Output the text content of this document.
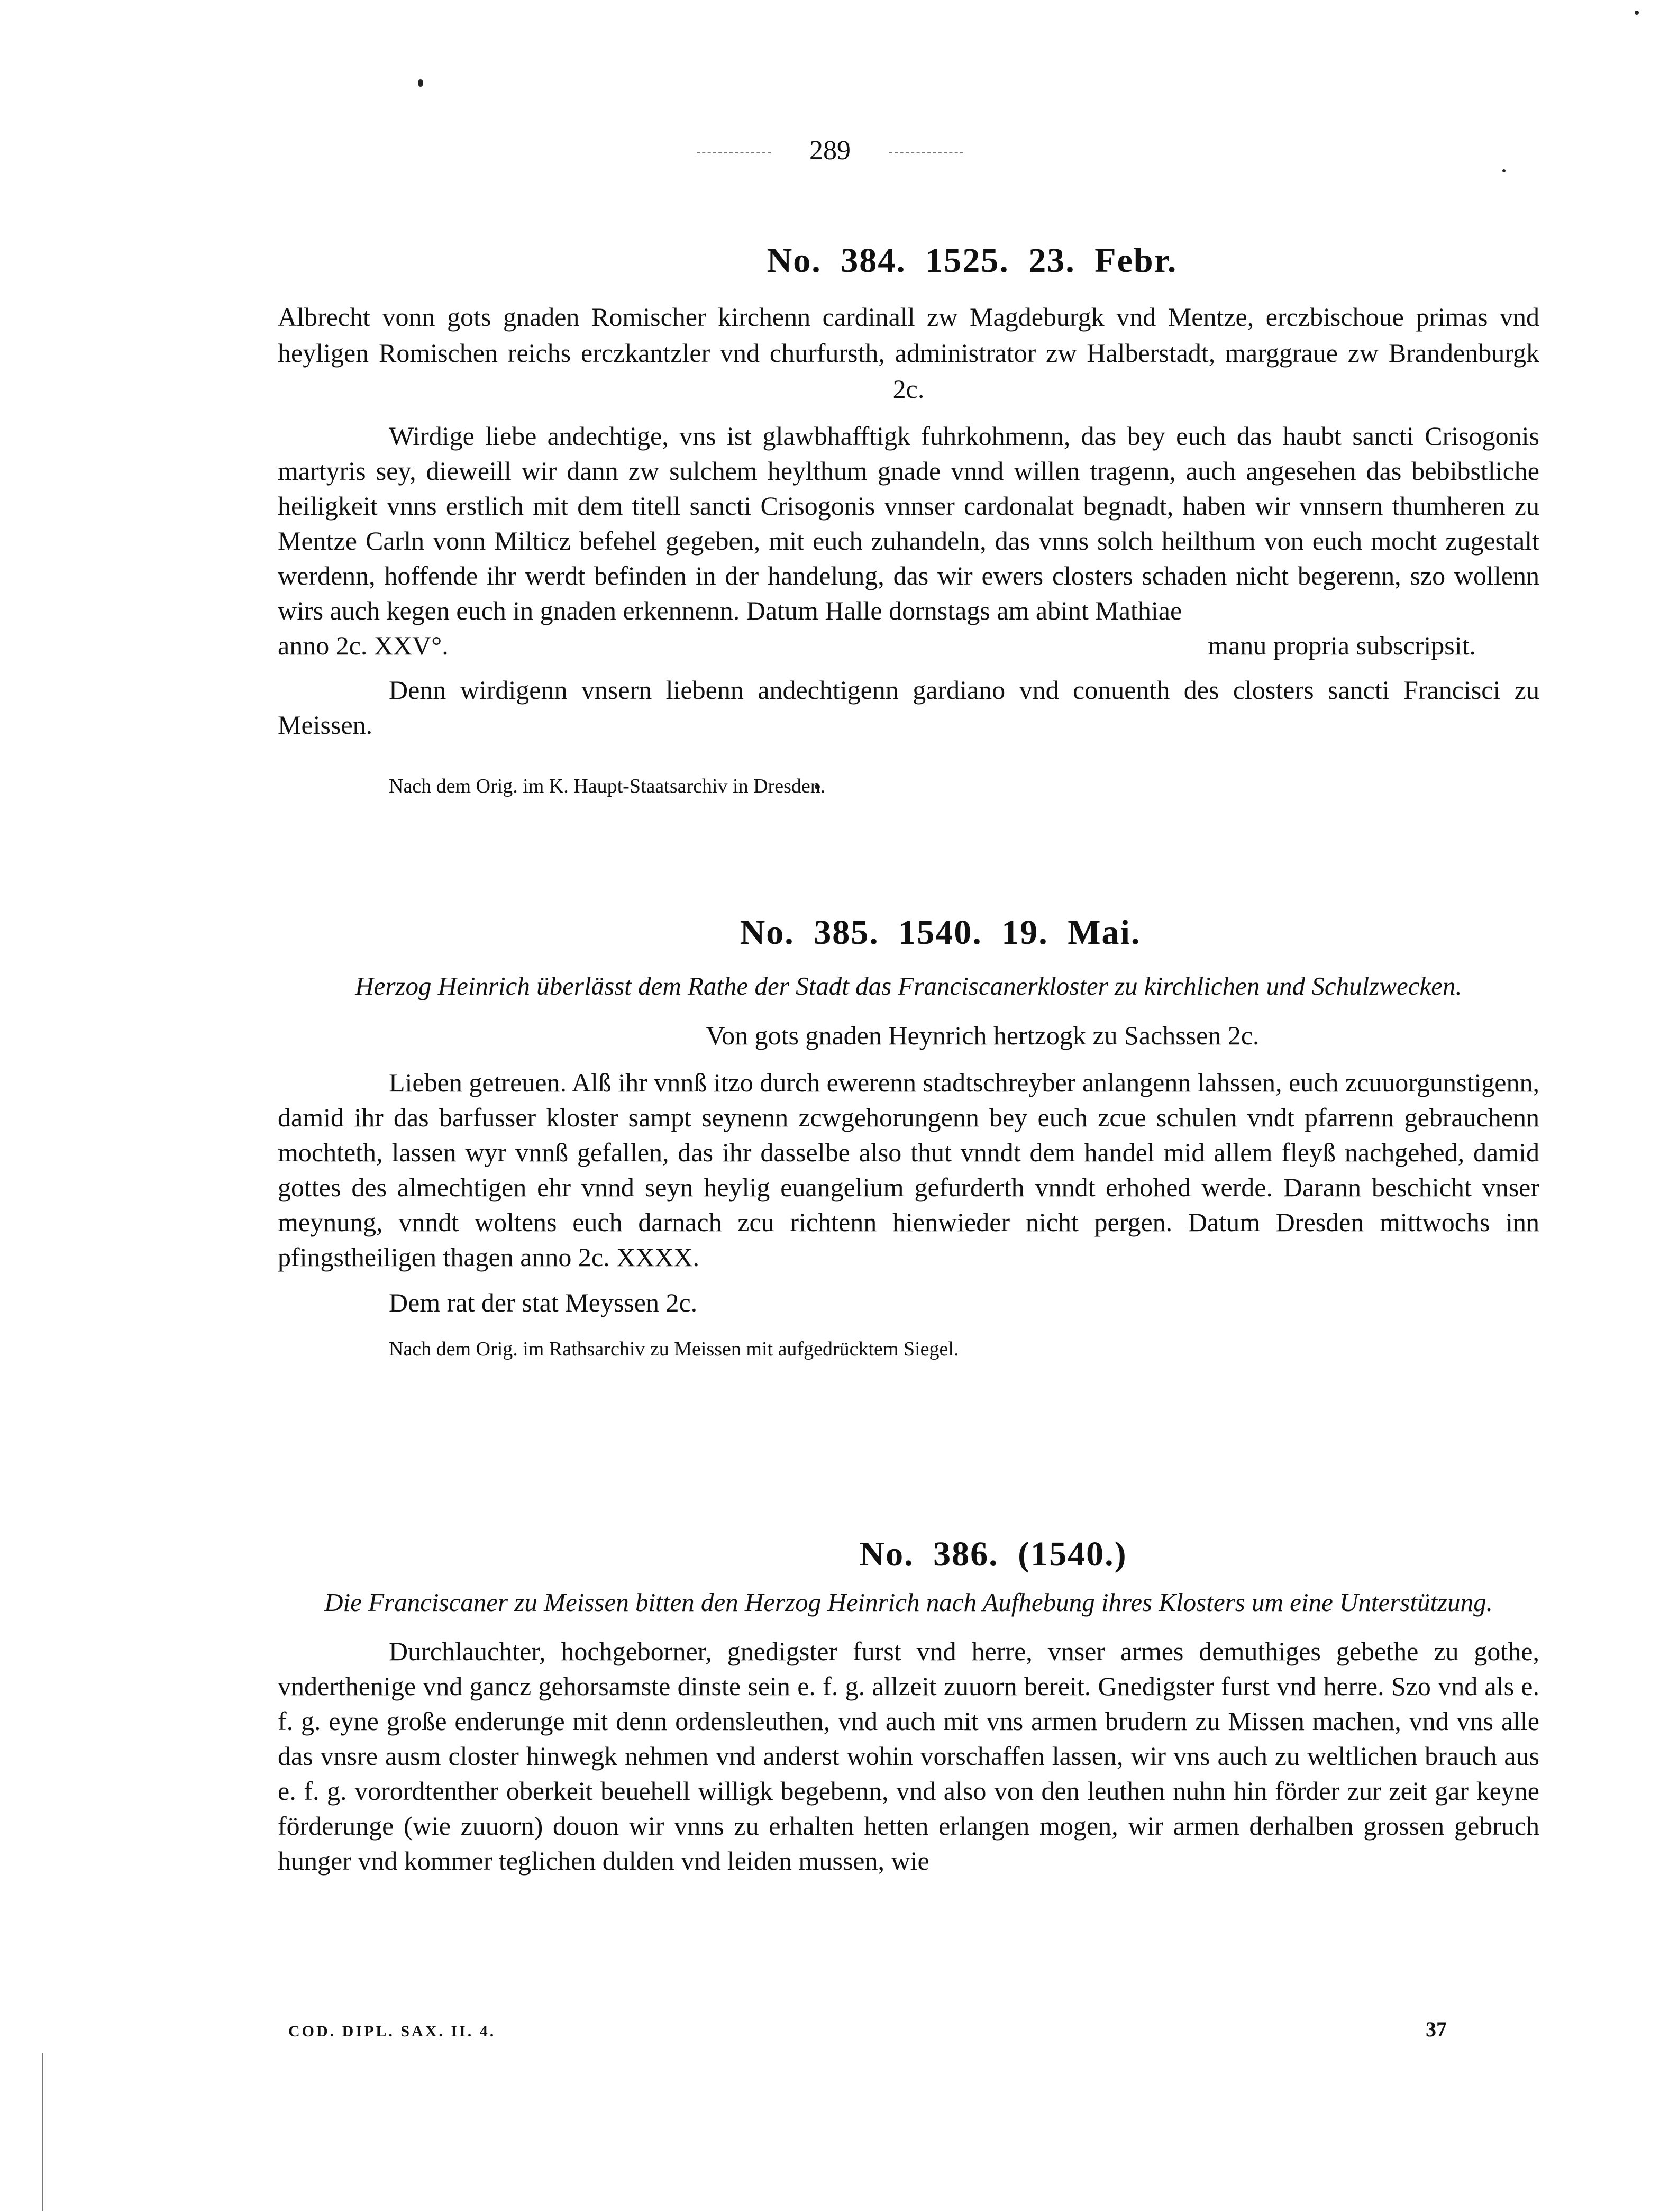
289
No. 384. 1525. 23. Febr.

Albrecht vonn gots gnaden Romischer kirchenn cardinall zw Magdeburgk vnd Mentze, erczbischoue primas vnd heyligen Romischen reichs erczkantzler vnd churfursth, administrator zw Halberstadt, marggraue zw Brandenburgk 2c.

Wirdige liebe andechtige, vns ist glawbhafftigk fuhrkohmenn, das bey euch das haubt sancti Crisogonis martyris sey, dieweill wir dann zw sulchem heylthum gnade vnnd willen tragenn, auch angesehen das bebibstliche heiligkeit vnns erstlich mit dem titell sancti Crisogonis vnnser cardonalat begnadt, haben wir vnnsern thumheren zu Mentze Carln vonn Milticz befehel gegeben, mit euch zuhandeln, das vnns solch heilthum von euch mocht zugestalt werdenn, hoffende ihr werdt befinden in der handelung, das wir ewers closters schaden nicht begerenn, szo wollenn wirs auch kegen euch in gnaden erkennenn. Datum Halle dornstags am abint Mathiae

anno 2c. XXV°.	manu propria subscripsit.

Denn wirdigenn vnsern liebenn andechtigenn gardiano vnd conuenth des closters sancti Francisci zu Meissen.

Nach dem Orig. im K. Haupt-Staatsarchiv in Dresden.

No. 385. 1540. 19. Mai.

Herzog Heinrich überlässt dem Rathe der Stadt das Franciscanerkloster zu kirchlichen und Schulzwecken.

Von gots gnaden Heynrich hertzogk zu Sachssen 2c.

Lieben getreuen. Alß ihr vnnß itzo durch ewerenn stadtschreyber anlangenn lahssen, euch zcuuorgunstigenn, damid ihr das barfusser kloster sampt seynenn zcwgehorungenn bey euch zcue schulen vndt pfarrenn gebrauchenn mochteth, lassen wyr vnnß gefallen, das ihr dasselbe also thut vnndt dem handel mid allem fleyß nachgehed, damid gottes des almechtigen ehr vnnd seyn heylig euangelium gefurderth vnndt erhohed werde. Darann beschicht vnser meynung, vnndt woltens euch darnach zcu richtenn hienwieder nicht pergen. Datum Dresden mittwochs inn pfingstheiligen thagen anno 2c. XXXX.

Dem rat der stat Meyssen 2c.

Nach dem Orig. im Rathsarchiv zu Meissen mit aufgedrücktem Siegel.

No. 386. (1540.)

Die Franciscaner zu Meissen bitten den Herzog Heinrich nach Aufhebung ihres Klosters um eine Unterstützung.

Durchlauchter, hochgeborner, gnedigster furst vnd herre, vnser armes demuthiges gebethe zu gothe, vnderthenige vnd gancz gehorsamste dinste sein e. f. g. allzeit zuuorn bereit. Gnedigster furst vnd herre. Szo vnd als e. f. g. eyne große enderunge mit denn ordensleuthen, vnd auch mit vns armen brudern zu Missen machen, vnd vns alle das vnsre ausm closter hinwegk nehmen vnd anderst wohin vorschaffen lassen, wir vns auch zu weltlichen brauch aus e. f. g. vorordtenther oberkeit beuehell willigk begebenn, vnd also von den leuthen nuhn hin förder zur zeit gar keyne förderunge (wie zuuorn) douon wir vnns zu erhalten hetten erlangen mogen, wir armen derhalben grossen gebruch hunger vnd kommer teglichen dulden vnd leiden mussen, wie

COD. DIPL. SAX. II. 4.	37
